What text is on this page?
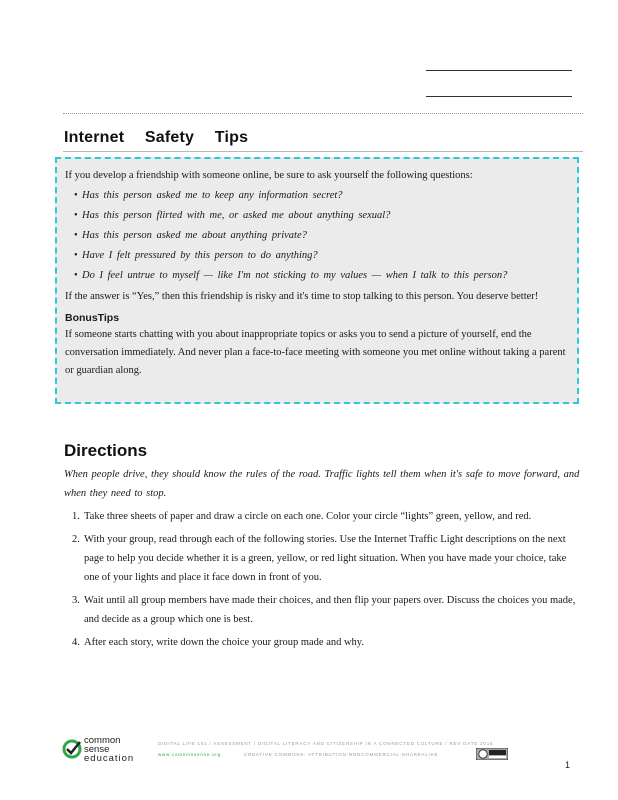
Internet Safety Tips

If you develop a friendship with someone online, be sure to ask yourself the following questions:

• Has this person asked me to keep any information secret?
• Has this person flirted with me, or asked me about anything sexual?
• Has this person asked me about anything private?
• Have I felt pressured by this person to do anything?
• Do I feel untrue to myself — like I'm not sticking to my values — when I talk to this person?

If the answer is “Yes,” then this friendship is risky and it's time to stop talking to this person. You deserve better!

BonusTips

If someone starts chatting with you about inappropriate topics or asks you to send a picture of yourself, end the conversation immediately. And never plan a face-to-face meeting with someone you met online without taking a parent or guardian along.

Directions
When people drive, they should know the rules of the road. Traffic lights tell them when it's safe to move forward, and when they need to stop.
1. Take three sheets of paper and draw a circle on each one. Color your circle “lights” green, yellow, and red.
2. With your group, read through each of the following stories. Use the Internet Traffic Light descriptions on the next page to help you decide whether it is a green, yellow, or red light situation. When you have made your choice, take one of your lights and place it face down in front of you.
3. Wait until all group members have made their choices, and then flip your papers over. Discuss the choices you made, and decide as a group which one is best.
4. After each story, write down the choice your group made and why.
common
sense
education
DIGITAL LIFE 101 / ASSESSMENT / DIGITAL LITERACY AND CITIZENSHIP IN A CONNECTED CULTURE / REV DATE 2015
www.commonsense.org	CREATIVE COMMONS: ATTRIBUTION-NONCOMMERCIAL-SHAREALIKE
1
